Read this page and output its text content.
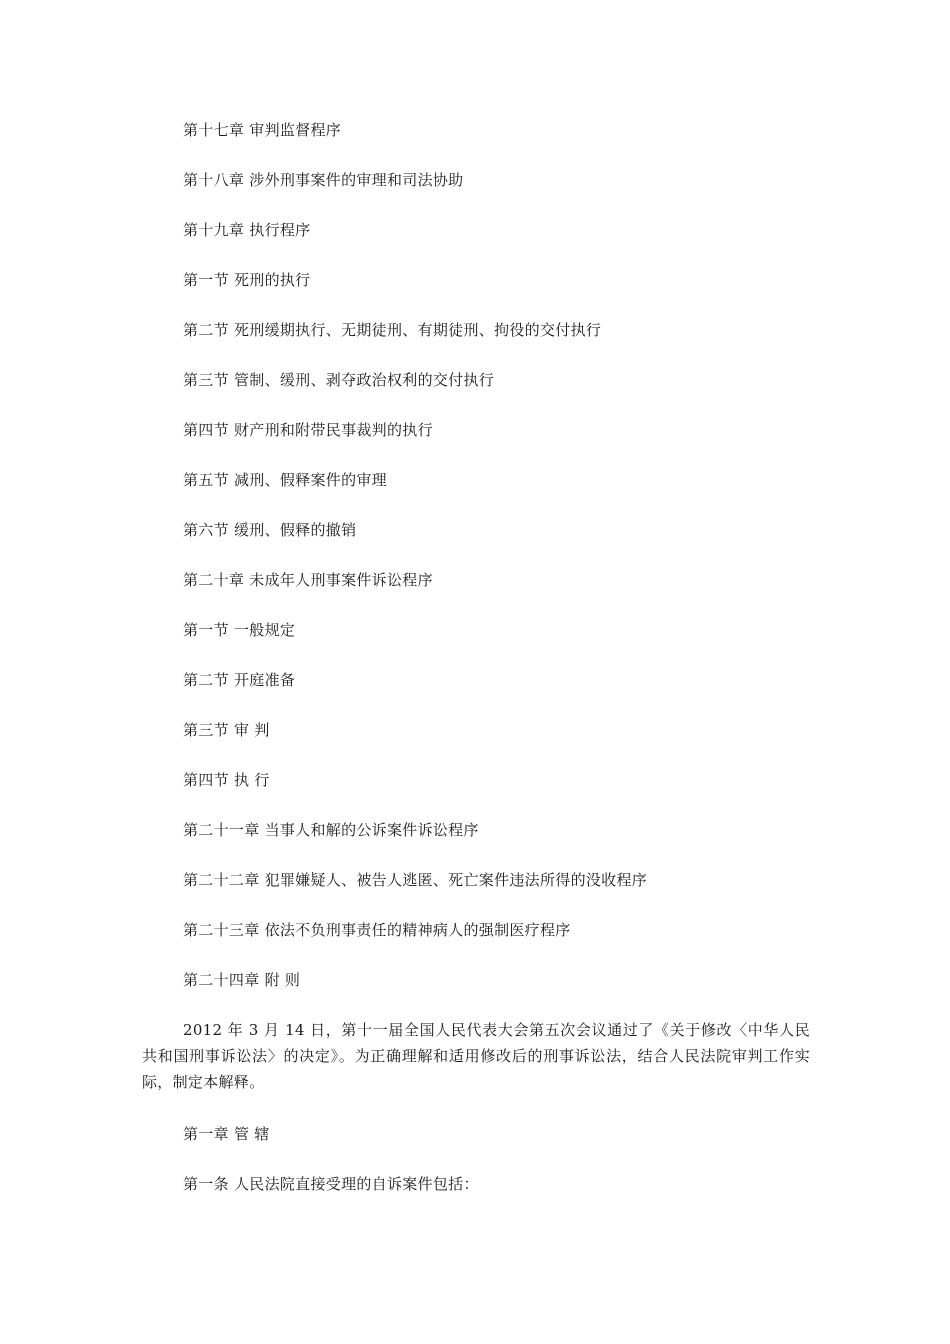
第十七章 审判监督程序
第十八章 涉外刑事案件的审理和司法协助
第十九章 执行程序
第一节 死刑的执行
第二节 死刑缓期执行、无期徒刑、有期徒刑、拘役的交付执行
第三节 管制、缓刑、剥夺政治权利的交付执行
第四节 财产刑和附带民事裁判的执行
第五节 减刑、假释案件的审理
第六节 缓刑、假释的撤销
第二十章 未成年人刑事案件诉讼程序
第一节 一般规定
第二节 开庭准备
第三节 审 判
第四节 执 行
第二十一章 当事人和解的公诉案件诉讼程序
第二十二章 犯罪嫌疑人、被告人逃匿、死亡案件违法所得的没收程序
第二十三章 依法不负刑事责任的精神病人的强制医疗程序
第二十四章 附 则
2012 年 3 月 14 日，第十一届全国人民代表大会第五次会议通过了《关于修改〈中华人民共和国刑事诉讼法〉的决定》。为正确理解和适用修改后的刑事诉讼法，结合人民法院审判工作实际，制定本解释。
第一章 管 辖
第一条 人民法院直接受理的自诉案件包括：
